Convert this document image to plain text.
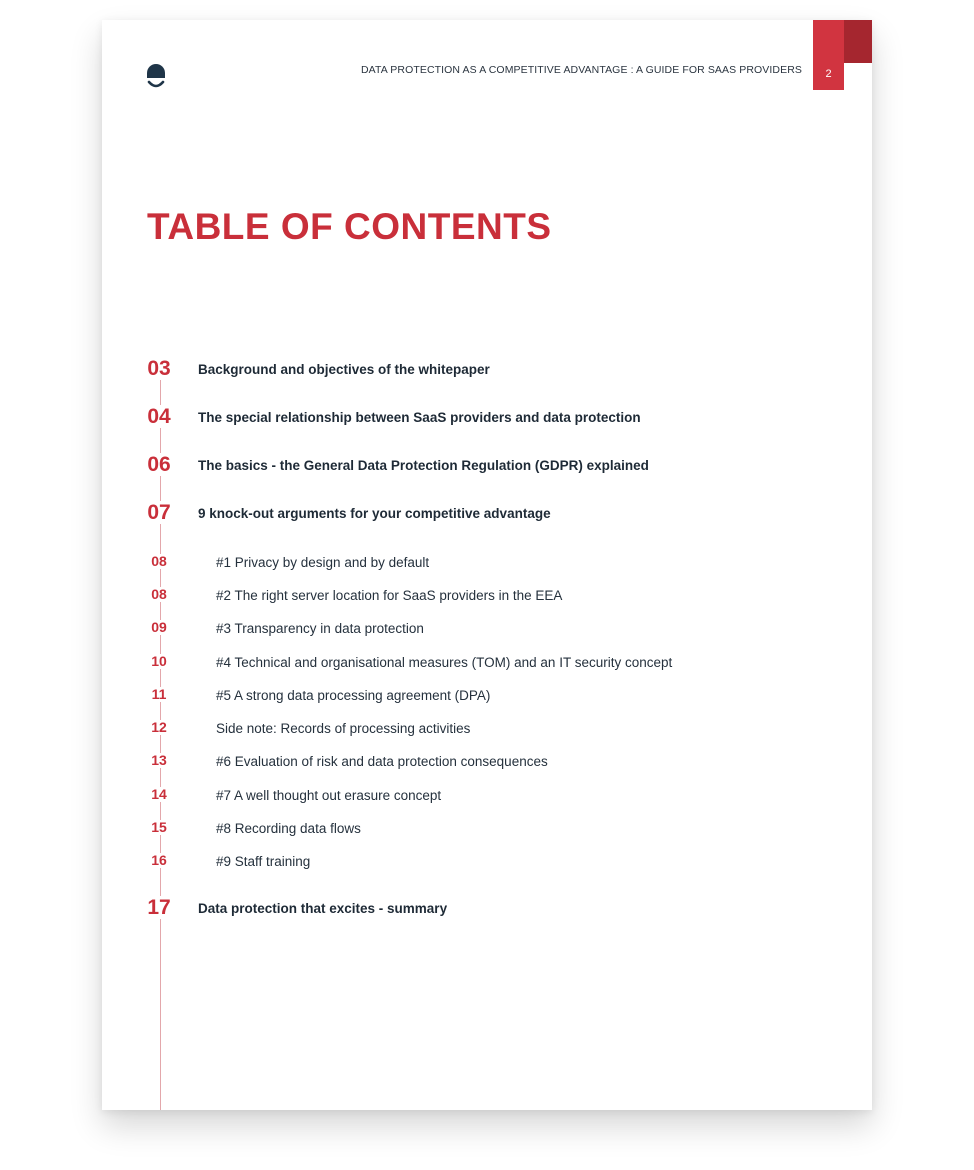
DATA PROTECTION AS A COMPETITIVE ADVANTAGE : A GUIDE FOR SAAS PROVIDERS 2
TABLE OF CONTENTS
03	Background and objectives of the whitepaper
04	The special relationship between SaaS providers and data protection
06	The basics - the General Data Protection Regulation (GDPR) explained
07	9 knock-out arguments for your competitive advantage
08	#1 Privacy by design and by default
08	#2 The right server location for SaaS providers in the EEA
09	#3 Transparency in data protection
10	#4 Technical and organisational measures (TOM) and an IT security concept
11	#5 A strong data processing agreement (DPA)
12	Side note: Records of processing activities
13	#6 Evaluation of risk and data protection consequences
14	#7 A well thought out erasure concept
15	#8 Recording data flows
16	#9 Staff training
17	Data protection that excites - summary
